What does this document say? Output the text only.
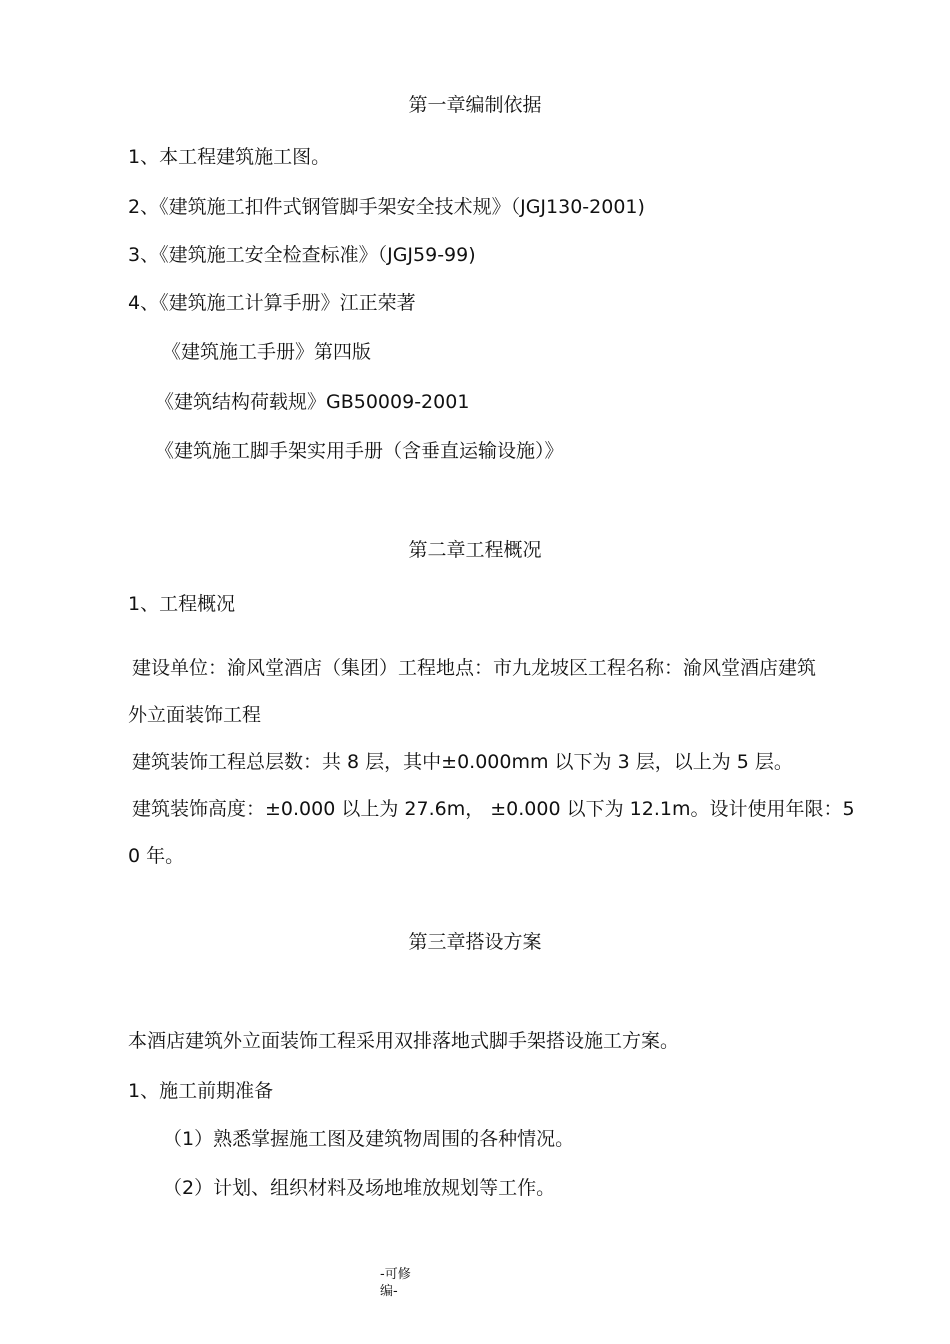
第一章编制依据
1、本工程建筑施工图。
2、《建筑施工扣件式钢管脚手架安全技术规》（JGJ130-2001)
3、《建筑施工安全检查标准》（JGJ59-99)
4、《建筑施工计算手册》江正荣著
《建筑施工手册》第四版
《建筑结构荷载规》GB50009-2001
《建筑施工脚手架实用手册（含垂直运输设施）》
第二章工程概况
1、工程概况
建设单位：渝风堂酒店（集团）工程地点：市九龙坡区工程名称：渝风堂酒店建筑
外立面装饰工程
建筑装饰工程总层数：共 8 层，其中±0.000mm 以下为 3 层，以上为 5 层。
建筑装饰高度：±0.000 以上为 27.6m， ±0.000 以下为 12.1m。设计使用年限：5
0 年。
第三章搭设方案
本酒店建筑外立面装饰工程采用双排落地式脚手架搭设施工方案。
1、施工前期准备
（1）熟悉掌握施工图及建筑物周围的各种情况。
（2）计划、组织材料及场地堆放规划等工作。
-可修
编-
